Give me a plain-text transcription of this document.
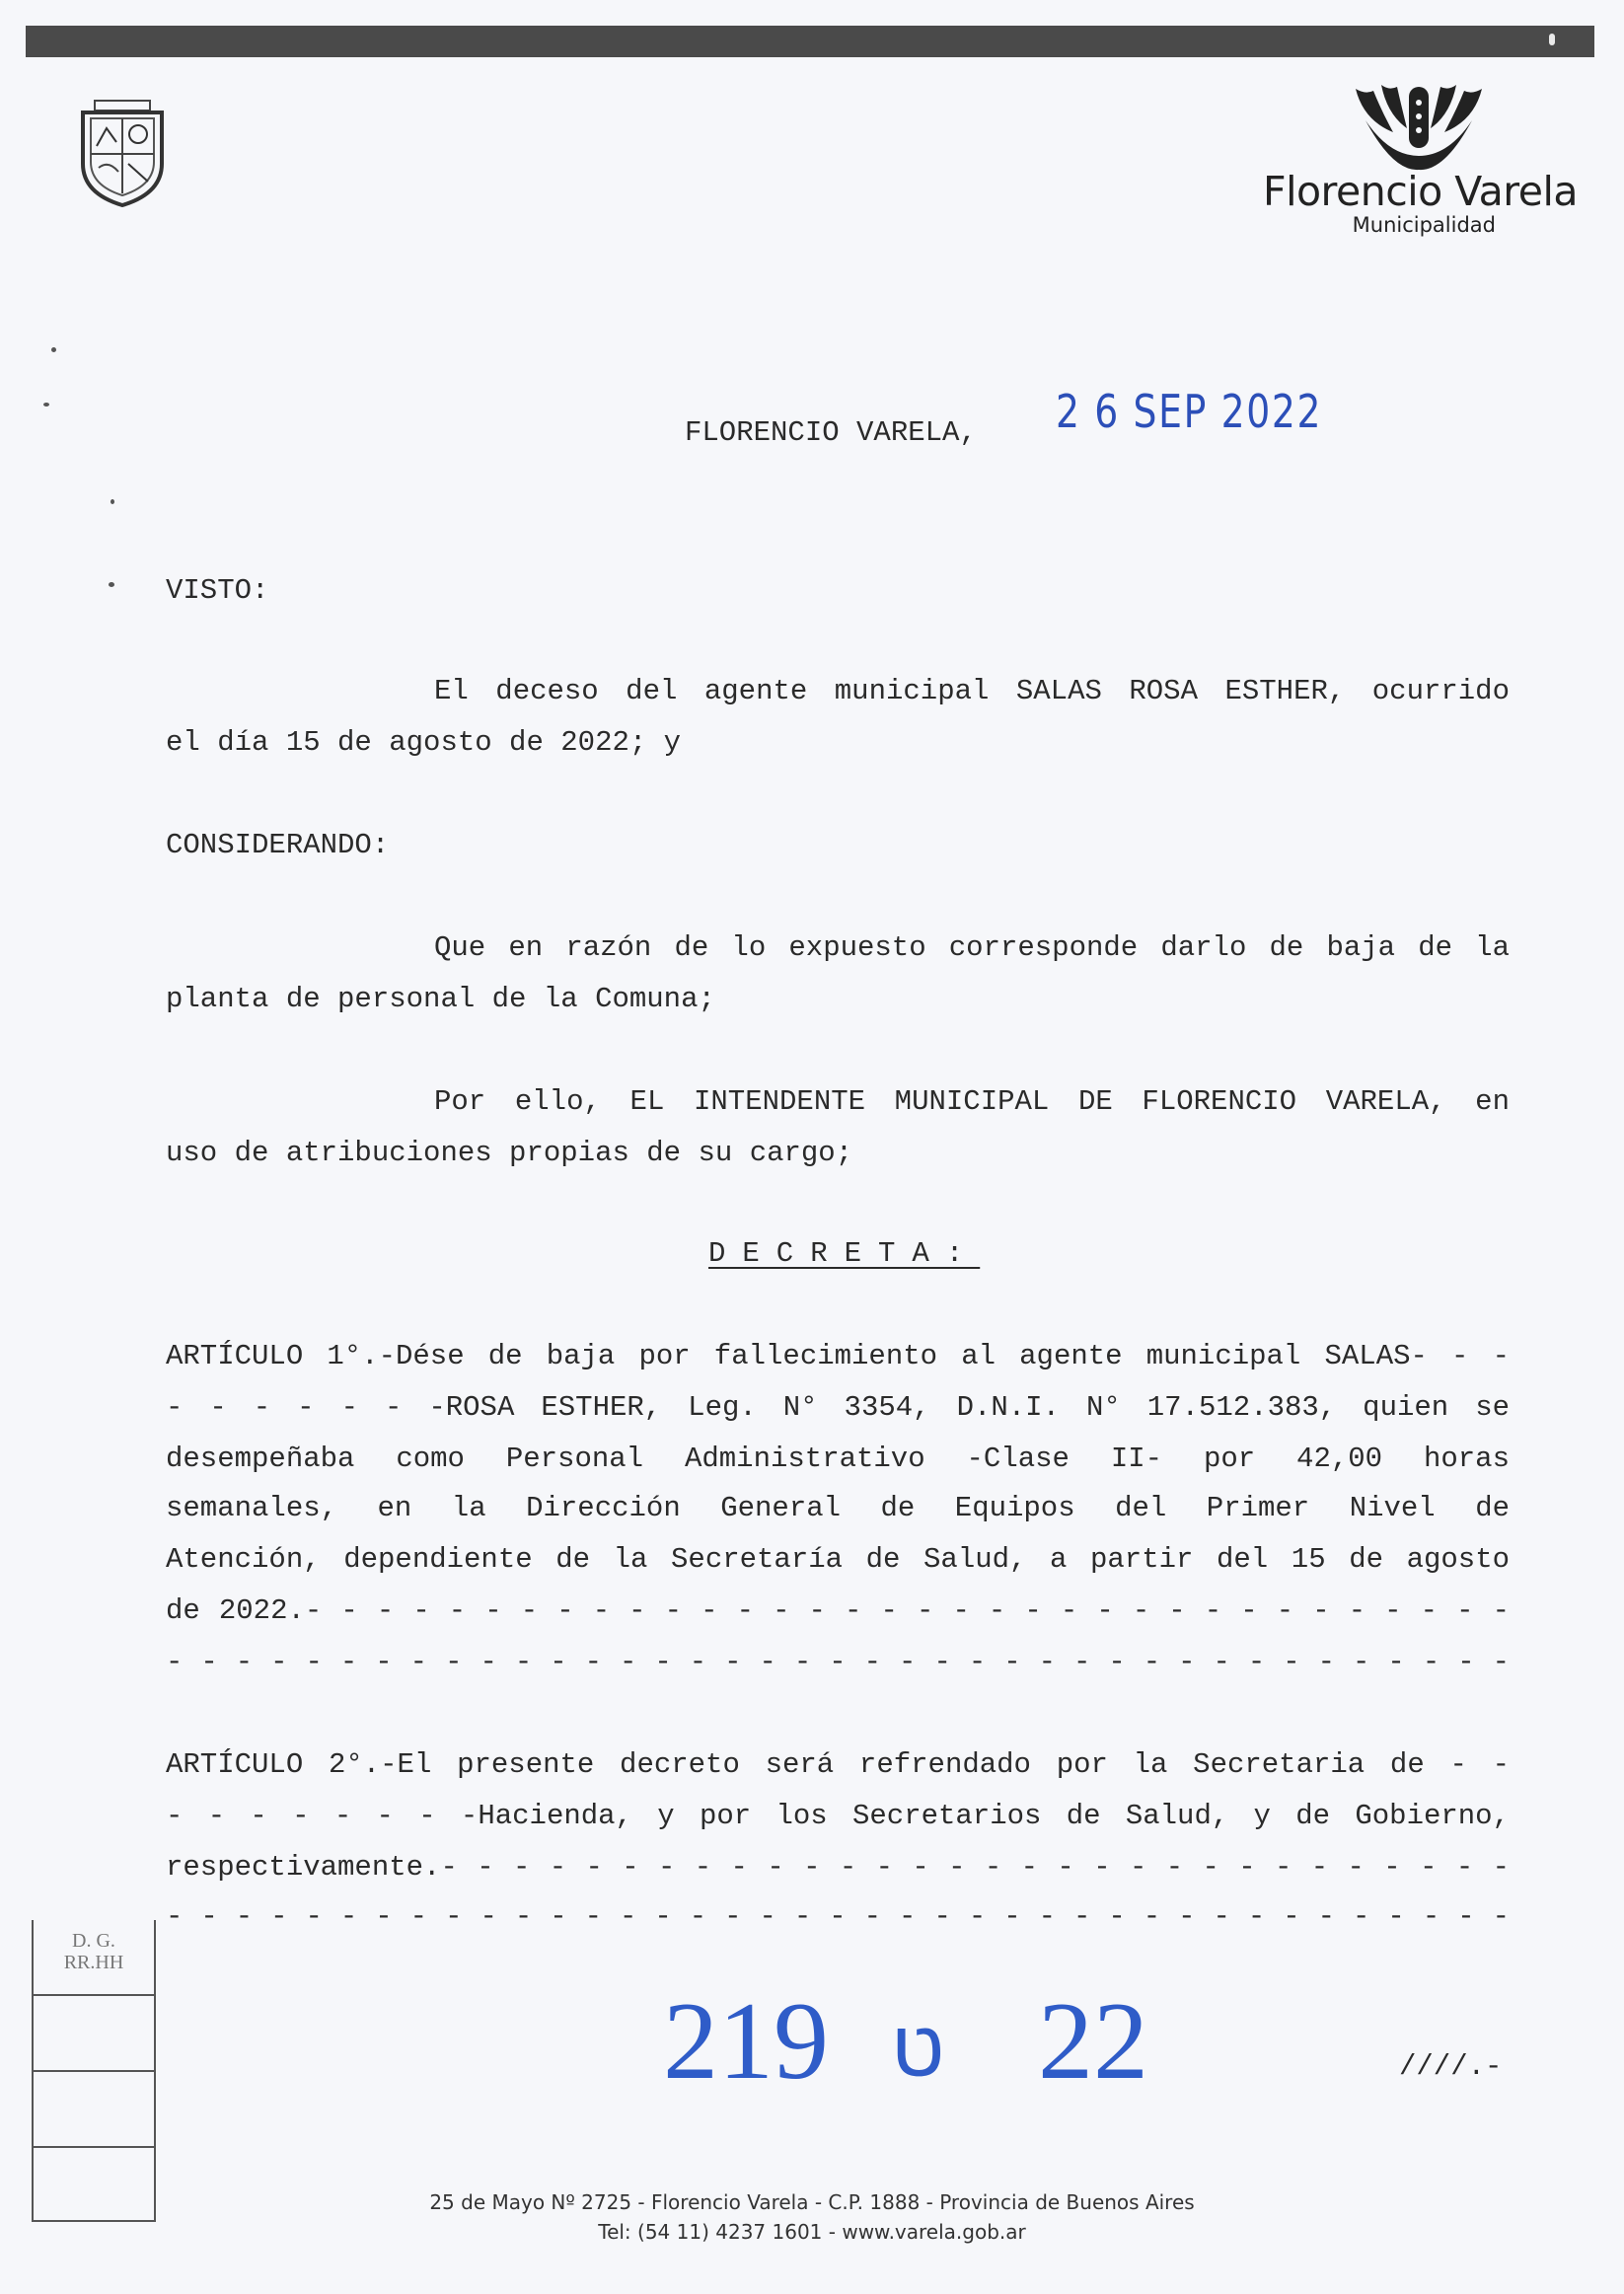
Florencio Varela
Municipalidad
FLORENCIO VARELA, 2 6 SEP 2022
VISTO:
El deceso del agente municipal SALAS ROSA ESTHER, ocurrido
el día 15 de agosto de 2022; y
CONSIDERANDO:
Que en razón de lo expuesto corresponde darlo de baja de la
planta de personal de la Comuna;
Por ello, EL INTENDENTE MUNICIPAL DE FLORENCIO VARELA, en
uso de atribuciones propias de su cargo;
DECRETA:
ARTÍCULO 1°.-Dése de baja por fallecimiento al agente municipal SALAS- - -
- - - - - - -ROSA ESTHER, Leg. N° 3354, D.N.I. N° 17.512.383, quien se
desempeñaba como Personal Administrativo -Clase II- por 42,00 horas
semanales, en la Dirección General de Equipos del Primer Nivel de
Atención, dependiente de la Secretaría de Salud, a partir del 15 de agosto
de 2022.- - - - - - - - - - - - - - - - - - - - - - - - - - - - - - - - - -
- - - - - - - - - - - - - - - - - - - - - - - - - - - - - - - - - - - - - - -
ARTÍCULO 2°.-El presente decreto será refrendado por la Secretaria de - -
- - - - - - - -Hacienda, y por los Secretarios de Salud, y de Gobierno,
respectivamente.- - - - - - - - - - - - - - - - - - - - - - - - - - - - - -
- - - - - - - - - - - - - - - - - - - - - - - - - - - - - - - - - - - - - - -
D. G.
RR.HH
219 ט 22	////.-
25 de Mayo Nº 2725 - Florencio Varela - C.P. 1888 - Provincia de Buenos Aires
Tel: (54 11) 4237 1601 - www.varela.gob.ar
